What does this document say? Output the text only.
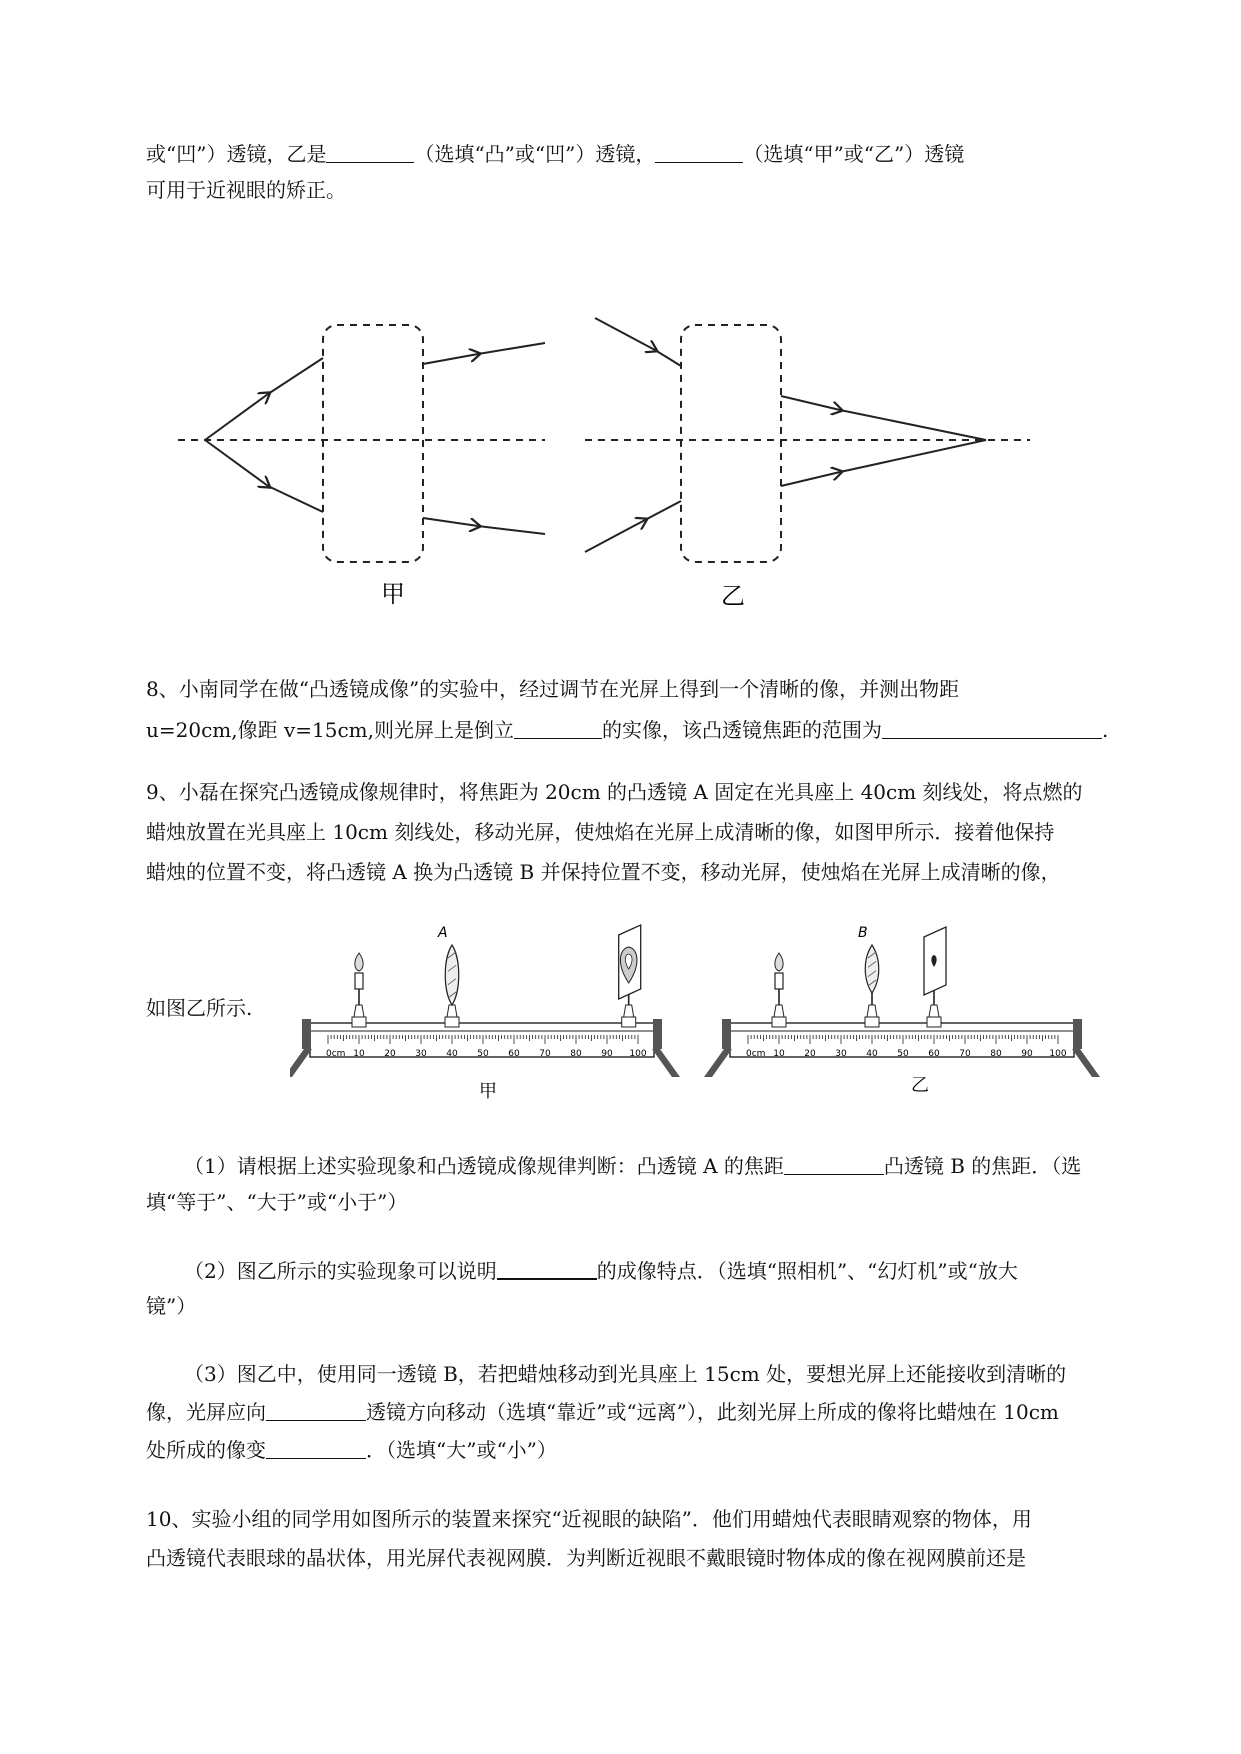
或“凹”）透镜，乙是	（选填“凸”或“凹”）透镜，	（选填“甲”或“乙”）透镜
可用于近视眼的矫正。
甲	乙
8、小南同学在做“凸透镜成像”的实验中，经过调节在光屏上得到一个清晰的像，并测出物距
u=20cm,像距 v=15cm,则光屏上是倒立	的实像，该凸透镜焦距的范围为	.
9、小磊在探究凸透镜成像规律时，将焦距为 20cm 的凸透镜 A 固定在光具座上 40cm 刻线处，将点燃的
蜡烛放置在光具座上 10cm 刻线处，移动光屏，使烛焰在光屏上成清晰的像，如图甲所示．接着他保持
蜡烛的位置不变，将凸透镜 A 换为凸透镜 B 并保持位置不变，移动光屏，使烛焰在光屏上成清晰的像，
如图乙所示.
0cm 10 20 30 40 50 60 70 80 90 100
A
0cm 10 20 30 40 50 60 70 80 90 100
B
甲	乙
（1）请根据上述实验现象和凸透镜成像规律判断：凸透镜 A 的焦距	凸透镜 B 的焦距．（选
填“等于”、“大于”或“小于”）
（2）图乙所示的实验现象可以说明	的成像特点．（选填“照相机”、“幻灯机”或“放大
镜”）
（3）图乙中，使用同一透镜 B，若把蜡烛移动到光具座上 15cm 处，要想光屏上还能接收到清晰的
像，光屏应向	透镜方向移动（选填“靠近”或“远离”），此刻光屏上所成的像将比蜡烛在 10cm
处所成的像变	．（选填“大”或“小”）
10、实验小组的同学用如图所示的装置来探究“近视眼的缺陷”．他们用蜡烛代表眼睛观察的物体，用
凸透镜代表眼球的晶状体，用光屏代表视网膜．为判断近视眼不戴眼镜时物体成的像在视网膜前还是
